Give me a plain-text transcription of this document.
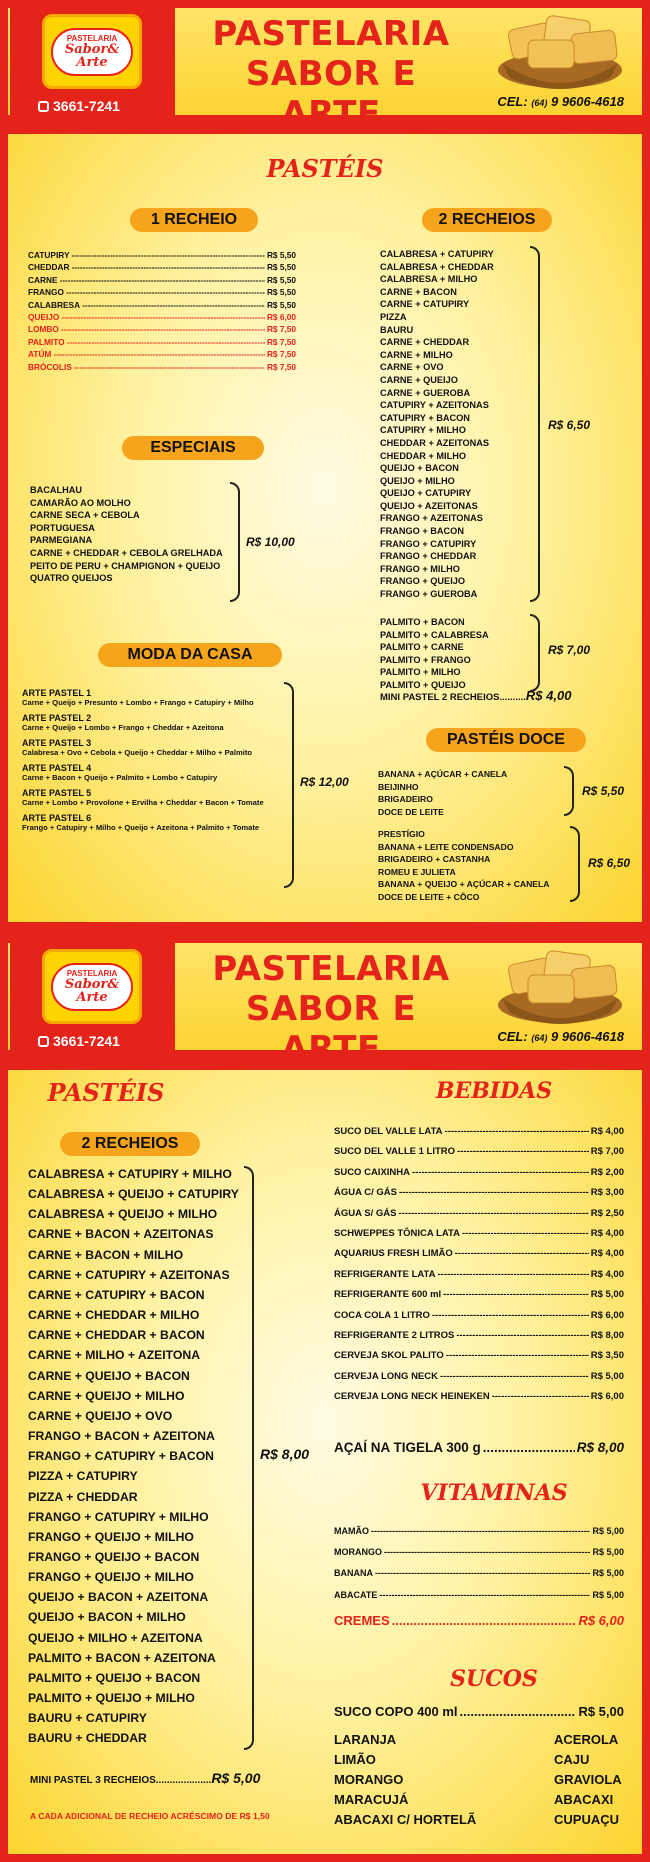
PASTELARIA
Sabor&
Arte
3661-7241
PASTELARIA
SABOR E ARTE	CEL: (64) 9 9606-4618
PASTÉIS
1 RECHEIO
CATUPIRY -----	R$ 5,50
CHEDDAR -----	R$ 5,50
CARNE -----	R$ 5,50
FRANGO -----	R$ 5,50
CALABRESA -----	R$ 5,50
QUEIJO -----	R$ 6,00
LOMBO -----	R$ 7,50
PALMITO -----	R$ 7,50
ATÚM -----	R$ 7,50
BRÓCOLIS -----	R$ 7,50
ESPECIAIS
BACALHAU
CAMARÃO AO MOLHO
CARNE SECA + CEBOLA
PORTUGUESA
PARMEGIANA
CARNE + CHEDDAR + CEBOLA GRELHADA
PEITO DE PERU + CHAMPIGNON + QUEIJO
QUATRO QUEIJOS
R$ 10,00
MODA DA CASA
ARTE PASTEL 1
Carne + Queijo + Presunto + Lombo + Frango + Catupiry + Milho
ARTE PASTEL 2
Carne + Queijo + Lombo + Frango + Cheddar + Azeitona
ARTE PASTEL 3
Calabresa + Ovo + Cebola + Queijo + Cheddar + Milho + Palmito
ARTE PASTEL 4
Carne + Bacon + Queijo + Palmito + Lombo + Catupiry
ARTE PASTEL 5
Carne + Lombo + Provolone + Ervilha + Cheddar + Bacon + Tomate
ARTE PASTEL 6
Frango + Catupiry + Milho + Queijo + Azeitona + Palmito + Tomate
R$ 12,00
2 RECHEIOS
CALABRESA + CATUPIRY
CALABRESA + CHEDDAR
CALABRESA + MILHO
CARNE + BACON
CARNE + CATUPIRY
PIZZA
BAURU
CARNE + CHEDDAR
CARNE + MILHO
CARNE + OVO
CARNE + QUEIJO
CARNE + GUEROBA
CATUPIRY + AZEITONAS
CATUPIRY + BACON
CATUPIRY + MILHO
CHEDDAR + AZEITONAS
CHEDDAR + MILHO
QUEIJO + BACON
QUEIJO + MILHO
QUEIJO + CATUPIRY
QUEIJO + AZEITONAS
FRANGO + AZEITONAS
FRANGO + BACON
FRANGO + CATUPIRY
FRANGO + CHEDDAR
FRANGO + MILHO
FRANGO + QUEIJO
FRANGO + GUEROBA
R$ 6,50
PALMITO + BACON
PALMITO + CALABRESA
PALMITO + CARNE
PALMITO + FRANGO
PALMITO + MILHO
PALMITO + QUEIJO
R$ 7,00
MINI PASTEL 2 RECHEIOS..........R$ 4,00
PASTÉIS DOCE
BANANA + AÇÚCAR + CANELA
BEIJINHO
BRIGADEIRO
DOCE DE LEITE
R$ 5,50
PRESTÍGIO
BANANA + LEITE CONDENSADO
BRIGADEIRO + CASTANHA
ROMEU E JULIETA
BANANA + QUEIJO + AÇÚCAR + CANELA
DOCE DE LEITE + CÔCO
R$ 6,50
PASTELARIA
Sabor&
Arte
3661-7241
PASTELARIA
SABOR E ARTE	CEL: (64) 9 9606-4618
PASTÉIS
2 RECHEIOS
CALABRESA + CATUPIRY + MILHO
CALABRESA + QUEIJO + CATUPIRY
CALABRESA + QUEIJO + MILHO
CARNE + BACON + AZEITONAS
CARNE + BACON + MILHO
CARNE + CATUPIRY + AZEITONAS
CARNE + CATUPIRY + BACON
CARNE + CHEDDAR + MILHO
CARNE + CHEDDAR + BACON
CARNE + MILHO + AZEITONA
CARNE + QUEIJO + BACON
CARNE + QUEIJO + MILHO
CARNE + QUEIJO + OVO
FRANGO + BACON + AZEITONA
FRANGO + CATUPIRY + BACON
PIZZA + CATUPIRY
PIZZA + CHEDDAR
FRANGO + CATUPIRY + MILHO
FRANGO + QUEIJO + MILHO
FRANGO + QUEIJO + BACON
FRANGO + QUEIJO + MILHO
QUEIJO + BACON + AZEITONA
QUEIJO + BACON + MILHO
QUEIJO + MILHO + AZEITONA
PALMITO + BACON + AZEITONA
PALMITO + QUEIJO + BACON
PALMITO + QUEIJO + MILHO
BAURU + CATUPIRY
BAURU + CHEDDAR
R$ 8,00
MINI PASTEL 3 RECHEIOS....................R$ 5,00
A CADA ADICIONAL DE RECHEIO ACRÉSCIMO DE R$ 1,50
BEBIDAS
SUCO DEL VALLE LATA -----	R$ 4,00
SUCO DEL VALLE 1 LITRO -----	R$ 7,00
SUCO CAIXINHA -----	R$ 2,00
ÁGUA C/ GÁS -----	R$ 3,00
ÁGUA S/ GÁS -----	R$ 2,50
SCHWEPPES TÔNICA LATA -----	R$ 4,00
AQUARIUS FRESH LIMÃO -----	R$ 4,00
REFRIGERANTE LATA -----	R$ 4,00
REFRIGERANTE 600 ml -----	R$ 5,00
COCA COLA 1 LITRO -----	R$ 6,00
REFRIGERANTE 2 LITROS -----	R$ 8,00
CERVEJA SKOL PALITO -----	R$ 3,50
CERVEJA LONG NECK -----	R$ 5,00
CERVEJA LONG NECK HEINEKEN -----	R$ 6,00
AÇAÍ NA TIGELA 300 g .....	R$ 8,00
VITAMINAS
MAMÃO -----	R$ 5,00
MORANGO -----	R$ 5,00
BANANA -----	R$ 5,00
ABACATE -----	R$ 5,00
CREMES .....	R$ 6,00
SUCOS
SUCO COPO 400 ml .....	R$ 5,00
LARANJA
LIMÃO
MORANGO
MARACUJÁ
ABACAXI C/ HORTELÃ
ACEROLA
CAJU
GRAVIOLA
ABACAXI
CUPUAÇU
